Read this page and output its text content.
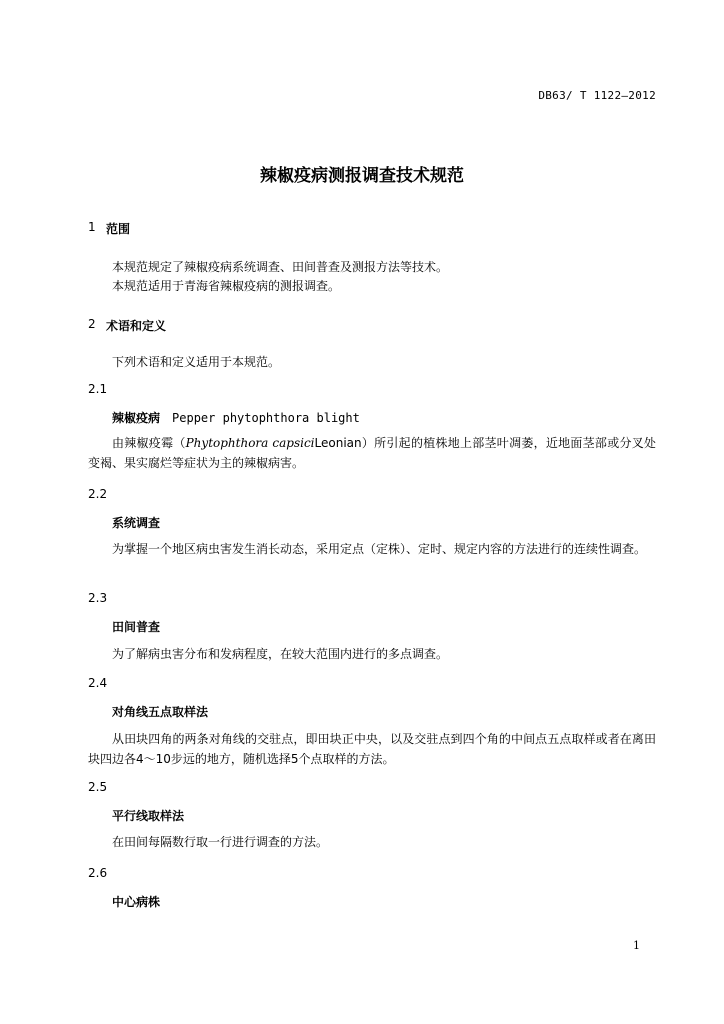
DB63/ T 1122—2012
辣椒疫病测报调查技术规范
1 范围
本规范规定了辣椒疫病系统调查、田间普查及测报方法等技术。
本规范适用于青海省辣椒疫病的测报调查。
2 术语和定义
下列术语和定义适用于本规范。
2.1
辣椒疫病 Pepper phytophthora blight
由辣椒疫霉（Phytophthora capsiciLeonian）所引起的植株地上部茎叶凋萎，近地面茎部或分叉处变褐、果实腐烂等症状为主的辣椒病害。
2.2
系统调查
为掌握一个地区病虫害发生消长动态，采用定点（定株）、定时、规定内容的方法进行的连续性调查。
2.3
田间普查
为了解病虫害分布和发病程度，在较大范围内进行的多点调查。
2.4
对角线五点取样法
从田块四角的两条对角线的交驻点，即田块正中央，以及交驻点到四个角的中间点五点取样或者在离田块四边各4～10步远的地方，随机选择5个点取样的方法。
2.5
平行线取样法
在田间每隔数行取一行进行调查的方法。
2.6
中心病株
1
